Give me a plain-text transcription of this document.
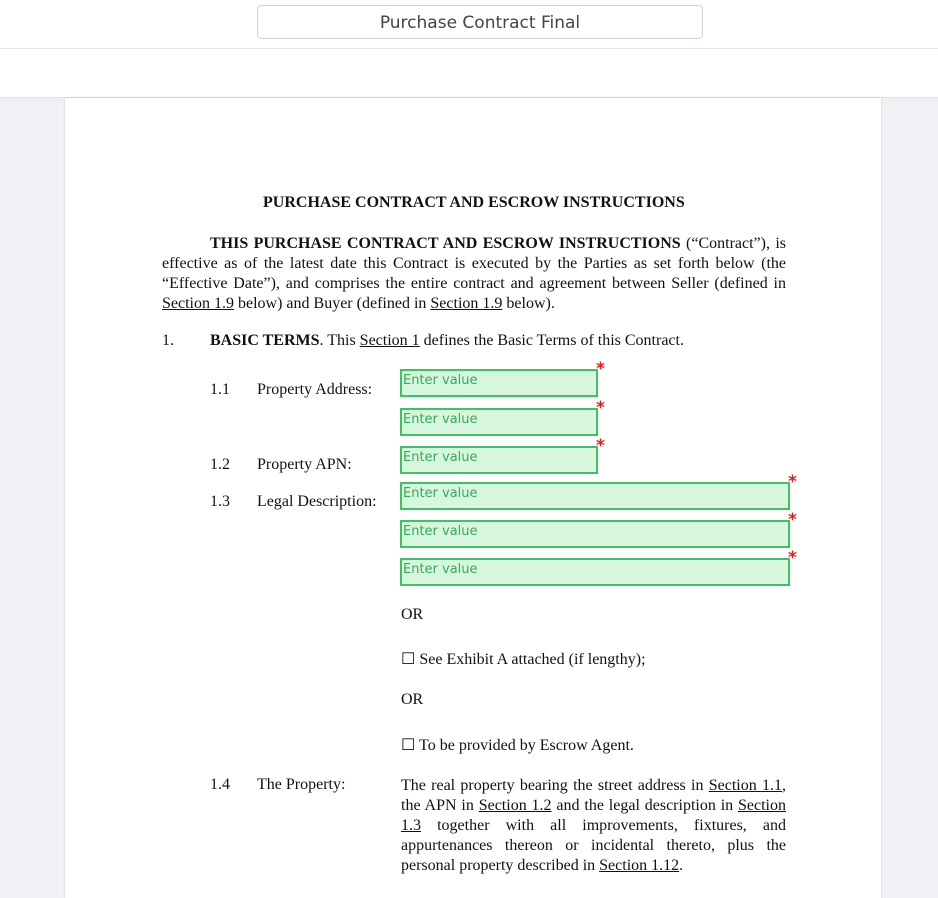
Purchase Contract Final
PURCHASE CONTRACT AND ESCROW INSTRUCTIONS
THIS PURCHASE CONTRACT AND ESCROW INSTRUCTIONS (“Contract”), is effective as of the latest date this Contract is executed by the Parties as set forth below (the “Effective Date”), and comprises the entire contract and agreement between Seller (defined in Section 1.9 below) and Buyer (defined in Section 1.9 below).
1. BASIC TERMS. This Section 1 defines the Basic Terms of this Contract.
1.1 Property Address:
Enter value
*
Enter value
*
1.2 Property APN:	Enter value
*
1.3 Legal Description: Enter value
*
Enter value
*
Enter value
*
OR
☐ See Exhibit A attached (if lengthy);
OR
☐ To be provided by Escrow Agent.
1.4 The Property:	The real property bearing the street address in Section 1.1, the APN in Section 1.2 and the legal description in Section 1.3 together with all improvements, fixtures, and appurtenances thereon or incidental thereto, plus the personal property described in Section 1.12.
